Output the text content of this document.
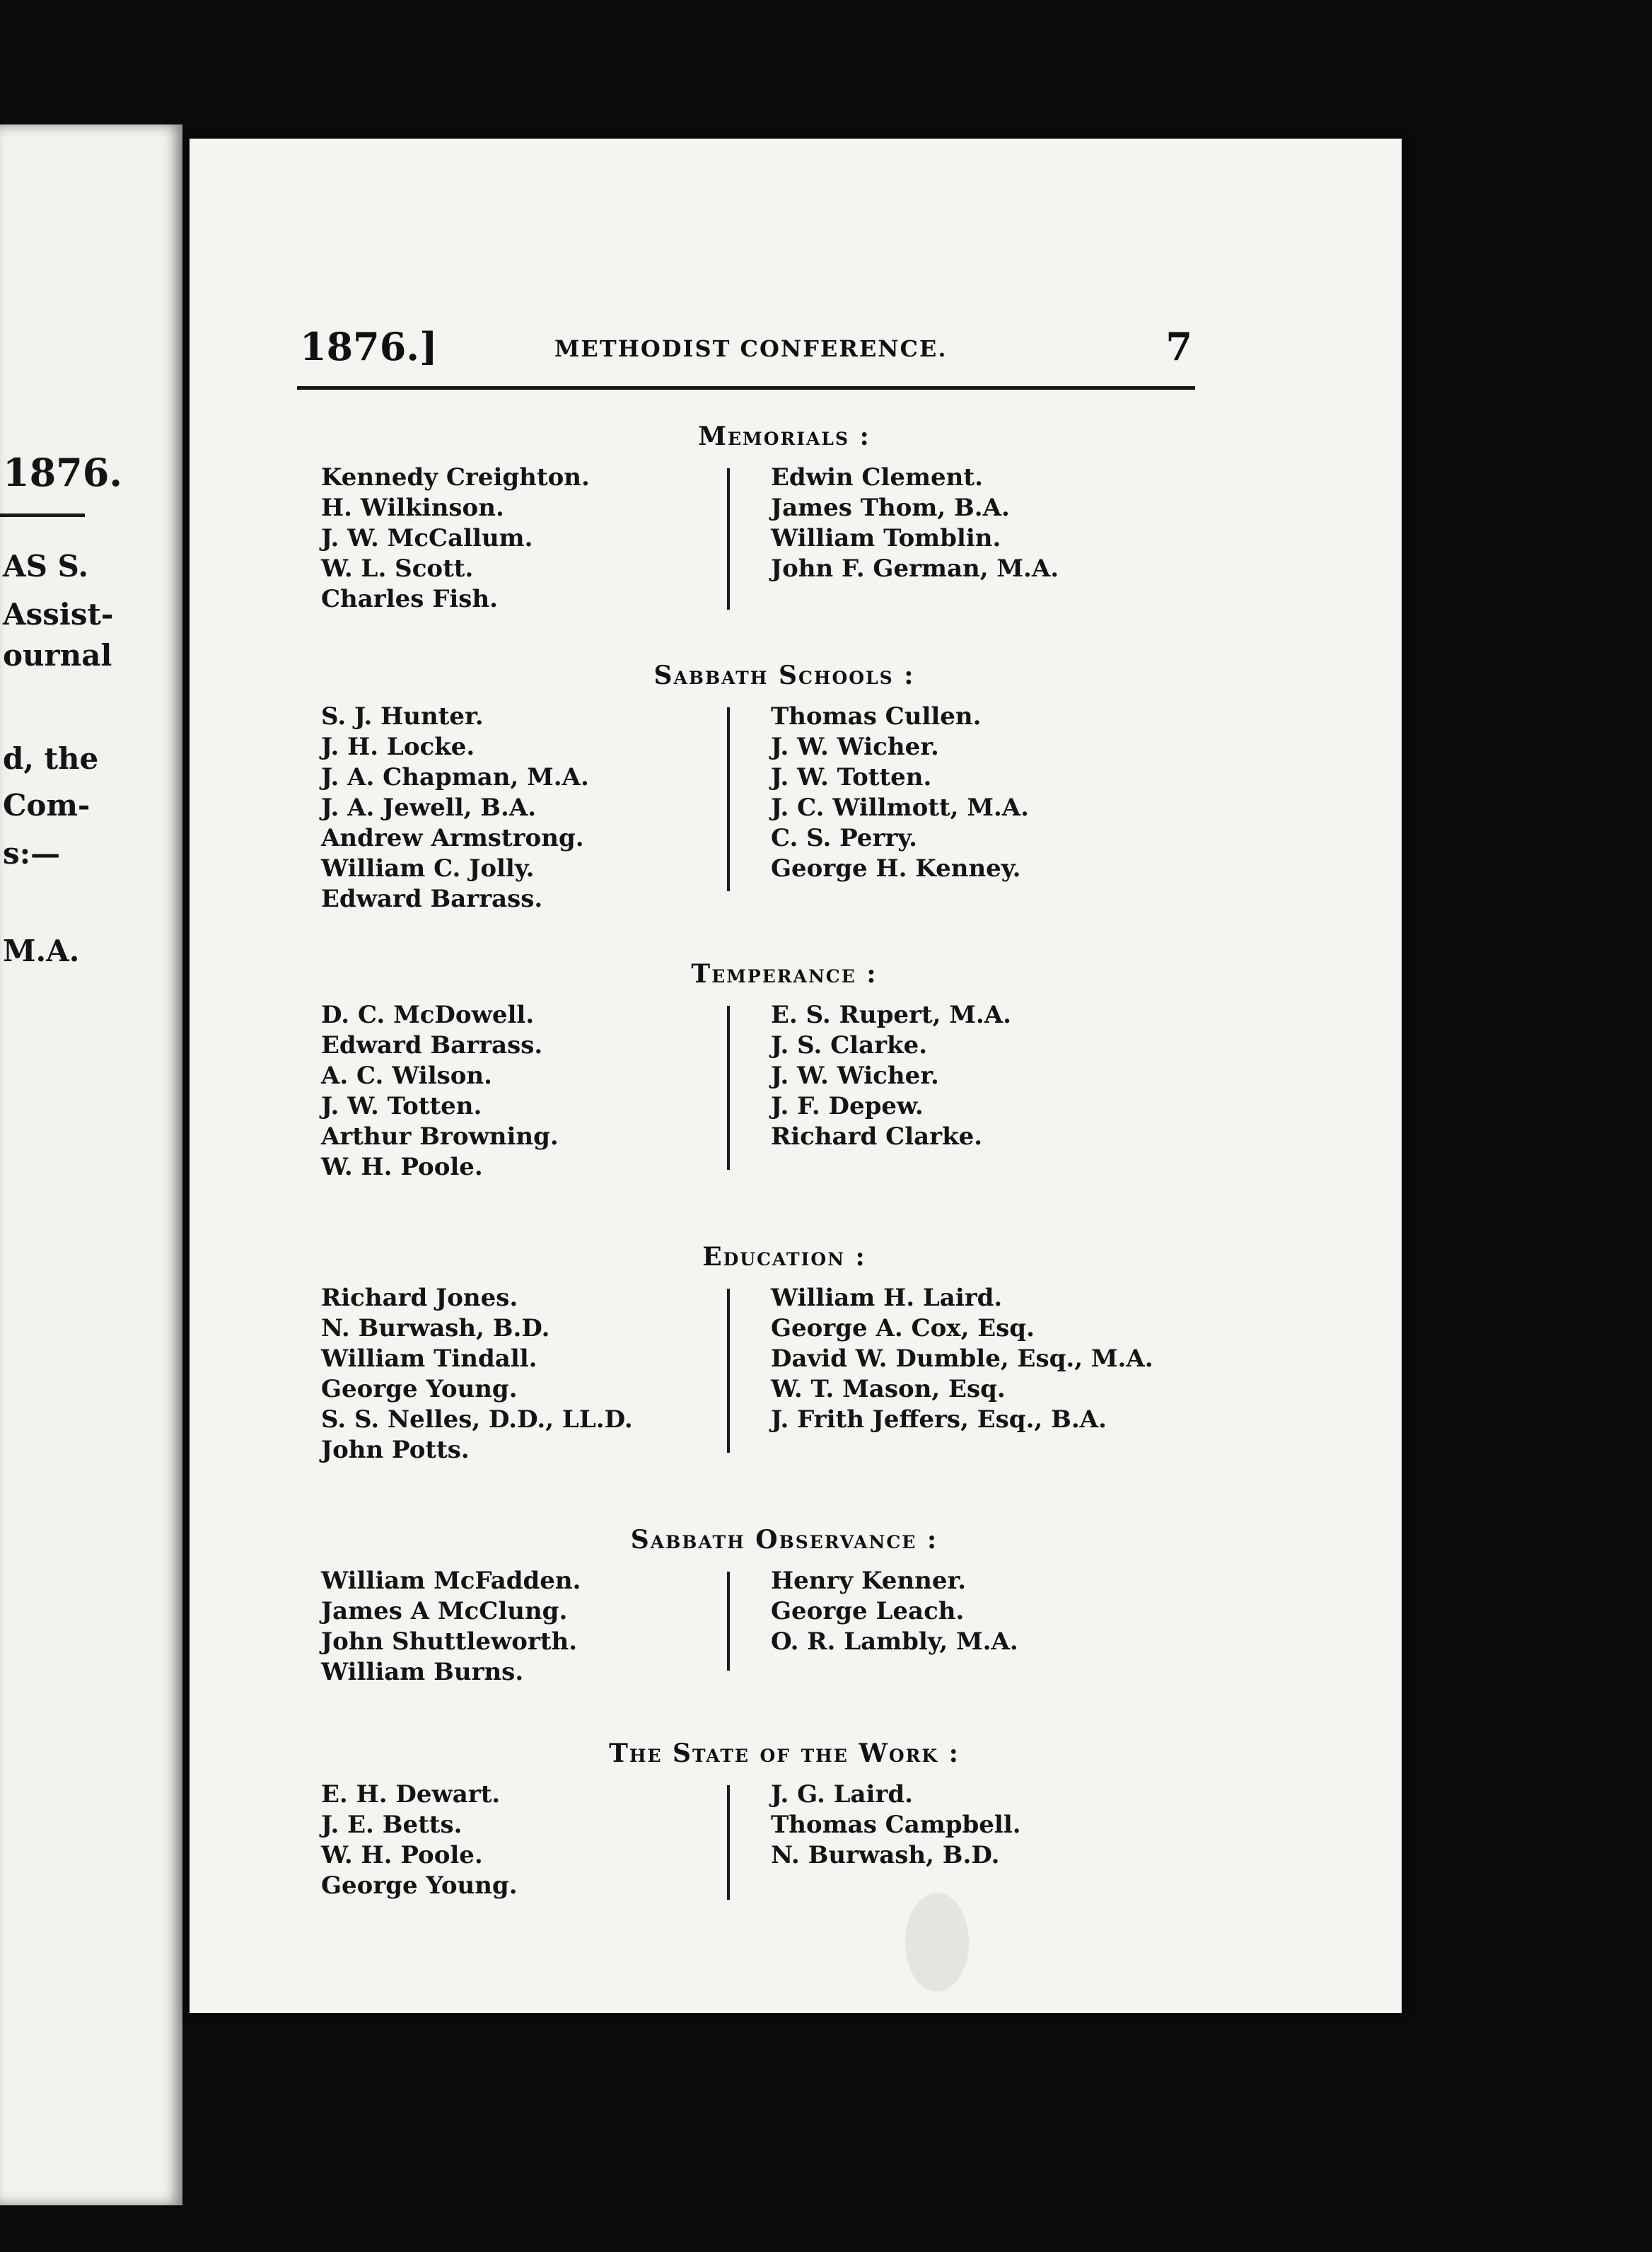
1876.
AS S.
Assist-
ournal
d, the
Com-
s:—
M.A.
1876.]	METHODIST CONFERENCE.	7
Memorials :
Kennedy Creighton.
H. Wilkinson.
J. W. McCallum.
W. L. Scott.
Charles Fish.
Edwin Clement.
James Thom, B.A.
William Tomblin.
John F. German, M.A.
Sabbath Schools :
S. J. Hunter.
J. H. Locke.
J. A. Chapman, M.A.
J. A. Jewell, B.A.
Andrew Armstrong.
William C. Jolly.
Edward Barrass.
Thomas Cullen.
J. W. Wicher.
J. W. Totten.
J. C. Willmott, M.A.
C. S. Perry.
George H. Kenney.
Temperance :
D. C. McDowell.
Edward Barrass.
A. C. Wilson.
J. W. Totten.
Arthur Browning.
W. H. Poole.
E. S. Rupert, M.A.
J. S. Clarke.
J. W. Wicher.
J. F. Depew.
Richard Clarke.
Education :
Richard Jones.
N. Burwash, B.D.
William Tindall.
George Young.
S. S. Nelles, D.D., LL.D.
John Potts.
William H. Laird.
George A. Cox, Esq.
David W. Dumble, Esq., M.A.
W. T. Mason, Esq.
J. Frith Jeffers, Esq., B.A.
Sabbath Observance :
William McFadden.
James A McClung.
John Shuttleworth.
William Burns.
Henry Kenner.
George Leach.
O. R. Lambly, M.A.
The State of the Work :
E. H. Dewart.
J. E. Betts.
W. H. Poole.
George Young.
J. G. Laird.
Thomas Campbell.
N. Burwash, B.D.
